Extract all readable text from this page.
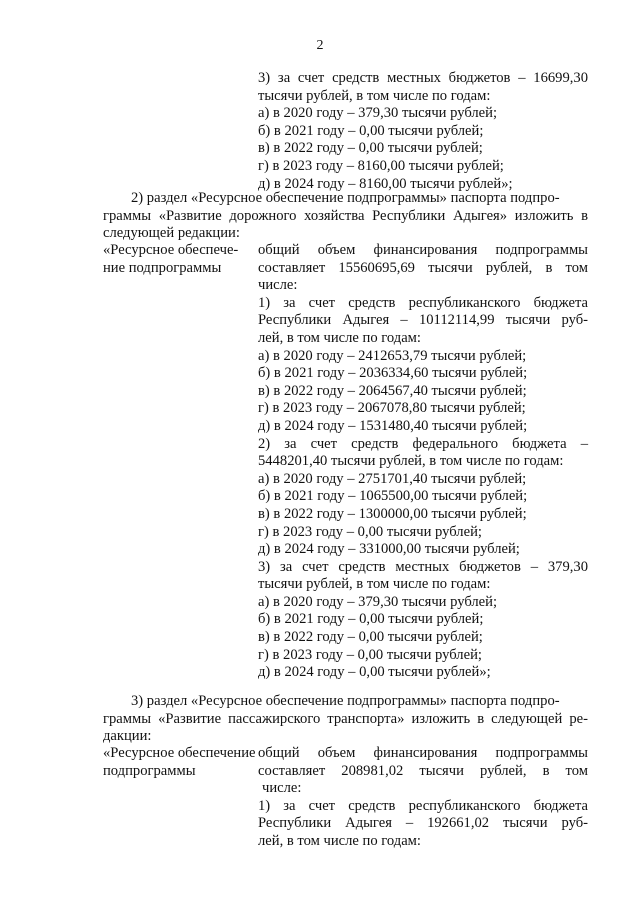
2
3) за счет средств местных бюджетов – 16699,30
тысячи рублей, в том числе по годам:
а) в 2020 году – 379,30 тысячи рублей;
б) в 2021 году – 0,00 тысячи рублей;
в) в 2022 году – 0,00 тысячи рублей;
г) в 2023 году – 8160,00 тысячи рублей;
д) в 2024 году – 8160,00 тысячи рублей»;
2) раздел «Ресурсное обеспечение подпрограммы» паспорта подпро-
граммы «Развитие дорожного хозяйства Республики Адыгея» изложить в
следующей редакции:
«Ресурсное обеспече-
ние подпрограммы
общий объем финансирования подпрограммы
составляет 15560695,69 тысячи рублей, в том
числе:
1) за счет средств республиканского бюджета
Республики Адыгея – 10112114,99 тысячи руб-
лей, в том числе по годам:
а) в 2020 году – 2412653,79 тысячи рублей;
б) в 2021 году – 2036334,60 тысячи рублей;
в) в 2022 году – 2064567,40 тысячи рублей;
г) в 2023 году – 2067078,80 тысячи рублей;
д) в 2024 году – 1531480,40 тысячи рублей;
2) за счет средств федерального бюджета –
5448201,40 тысячи рублей, в том числе по годам:
а) в 2020 году – 2751701,40 тысячи рублей;
б) в 2021 году – 1065500,00 тысячи рублей;
в) в 2022 году – 1300000,00 тысячи рублей;
г) в 2023 году – 0,00 тысячи рублей;
д) в 2024 году – 331000,00 тысячи рублей;
3) за счет средств местных бюджетов – 379,30
тысячи рублей, в том числе по годам:
а) в 2020 году – 379,30 тысячи рублей;
б) в 2021 году – 0,00 тысячи рублей;
в) в 2022 году – 0,00 тысячи рублей;
г) в 2023 году – 0,00 тысячи рублей;
д) в 2024 году – 0,00 тысячи рублей»;
3) раздел «Ресурсное обеспечение подпрограммы» паспорта подпро-
граммы «Развитие пассажирского транспорта» изложить в следующей ре-
дакции:
«Ресурсное обеспечение
подпрограммы
общий объем финансирования подпрограммы
составляет 208981,02 тысячи рублей, в том
числе:
1) за счет средств республиканского бюджета
Республики Адыгея – 192661,02 тысячи руб-
лей, в том числе по годам:
